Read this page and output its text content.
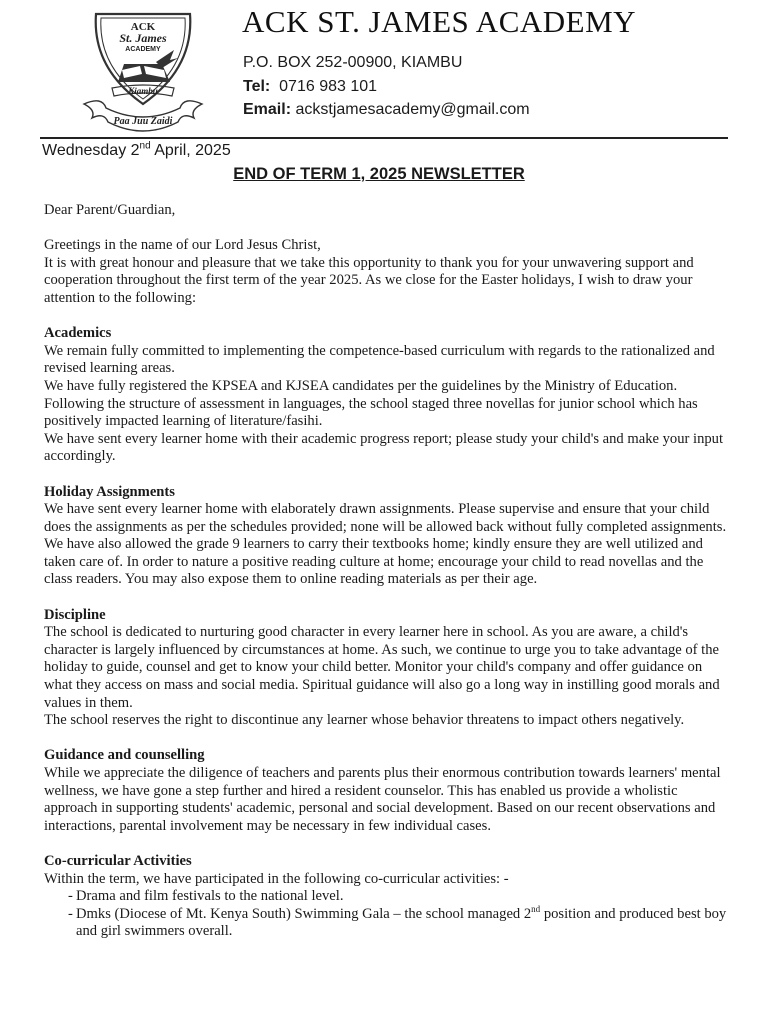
ACK
St. James
ACADEMY
Kiambu
Paa Juu Zaidi
ACK ST. JAMES ACADEMY
P.O. BOX 252-00900, KIAMBU
Tel: 0716 983 101
Email: ackstjamesacademy@gmail.com
Wednesday 2nd April, 2025
END OF TERM 1, 2025 NEWSLETTER

Dear Parent/Guardian,

Greetings in the name of our Lord Jesus Christ,

It is with great honour and pleasure that we take this opportunity to thank you for your unwavering support and cooperation throughout the first term of the year 2025. As we close for the Easter holidays, I wish to draw your attention to the following:

Academics

We remain fully committed to implementing the competence-based curriculum with regards to the rationalized and revised learning areas.

We have fully registered the KPSEA and KJSEA candidates per the guidelines by the Ministry of Education.

Following the structure of assessment in languages, the school staged three novellas for junior school which has positively impacted learning of literature/fasihi.

We have sent every learner home with their academic progress report; please study your child's and make your input accordingly.

Holiday Assignments

We have sent every learner home with elaborately drawn assignments. Please supervise and ensure that your child does the assignments as per the schedules provided; none will be allowed back without fully completed assignments.

We have also allowed the grade 9 learners to carry their textbooks home; kindly ensure they are well utilized and taken care of. In order to nature a positive reading culture at home; encourage your child to read novellas and the class readers. You may also expose them to online reading materials as per their age.

Discipline

The school is dedicated to nurturing good character in every learner here in school. As you are aware, a child's character is largely influenced by circumstances at home. As such, we continue to urge you to take advantage of the holiday to guide, counsel and get to know your child better. Monitor your child's company and offer guidance on what they access on mass and social media. Spiritual guidance will also go a long way in instilling good morals and values in them.

The school reserves the right to discontinue any learner whose behavior threatens to impact others negatively.

Guidance and counselling

While we appreciate the diligence of teachers and parents plus their enormous contribution towards learners' mental wellness, we have gone a step further and hired a resident counselor. This has enabled us provide a wholistic approach in supporting students' academic, personal and social development. Based on our recent observations and interactions, parental involvement may be necessary in few individual cases.

Co-curricular Activities

Within the term, we have participated in the following co-curricular activities: -

- Drama and film festivals to the national level.
- Dmks (Diocese of Mt. Kenya South) Swimming Gala – the school managed 2nd position and produced best boy and girl swimmers overall.
